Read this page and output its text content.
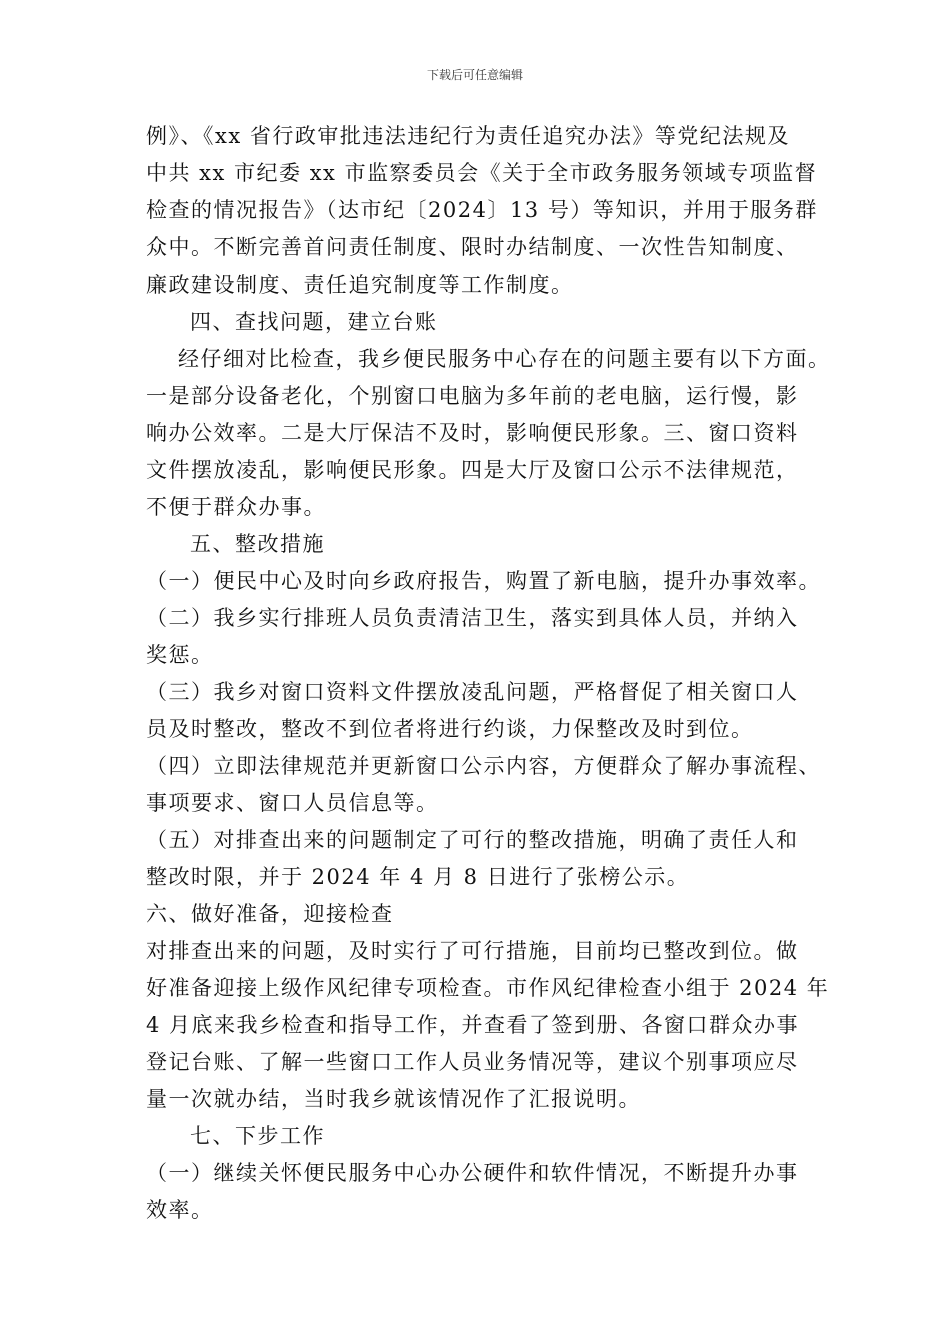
下载后可任意编辑
例》、《xx 省行政审批违法违纪行为责任追究办法》等党纪法规及
中共 xx 市纪委 xx 市监察委员会《关于全市政务服务领域专项监督
检查的情况报告》（达市纪〔2024〕13 号）等知识，并用于服务群
众中。不断完善首问责任制度、限时办结制度、一次性告知制度、
廉政建设制度、责任追究制度等工作制度。
四、查找问题，建立台账
经仔细对比检查，我乡便民服务中心存在的问题主要有以下方面。
一是部分设备老化，个别窗口电脑为多年前的老电脑，运行慢，影
响办公效率。二是大厅保洁不及时，影响便民形象。三、窗口资料
文件摆放凌乱，影响便民形象。四是大厅及窗口公示不法律规范，
不便于群众办事。
五、整改措施
（一）便民中心及时向乡政府报告，购置了新电脑，提升办事效率。
（二）我乡实行排班人员负责清洁卫生，落实到具体人员，并纳入
奖惩。
（三）我乡对窗口资料文件摆放凌乱问题，严格督促了相关窗口人
员及时整改，整改不到位者将进行约谈，力保整改及时到位。
（四）立即法律规范并更新窗口公示内容，方便群众了解办事流程、
事项要求、窗口人员信息等。
（五）对排查出来的问题制定了可行的整改措施，明确了责任人和
整改时限，并于 2024 年 4 月 8 日进行了张榜公示。
六、做好准备，迎接检查
对排查出来的问题，及时实行了可行措施，目前均已整改到位。做
好准备迎接上级作风纪律专项检查。市作风纪律检查小组于 2024 年
4 月底来我乡检查和指导工作，并查看了签到册、各窗口群众办事
登记台账、了解一些窗口工作人员业务情况等，建议个别事项应尽
量一次就办结，当时我乡就该情况作了汇报说明。
七、下步工作
（一）继续关怀便民服务中心办公硬件和软件情况，不断提升办事
效率。
